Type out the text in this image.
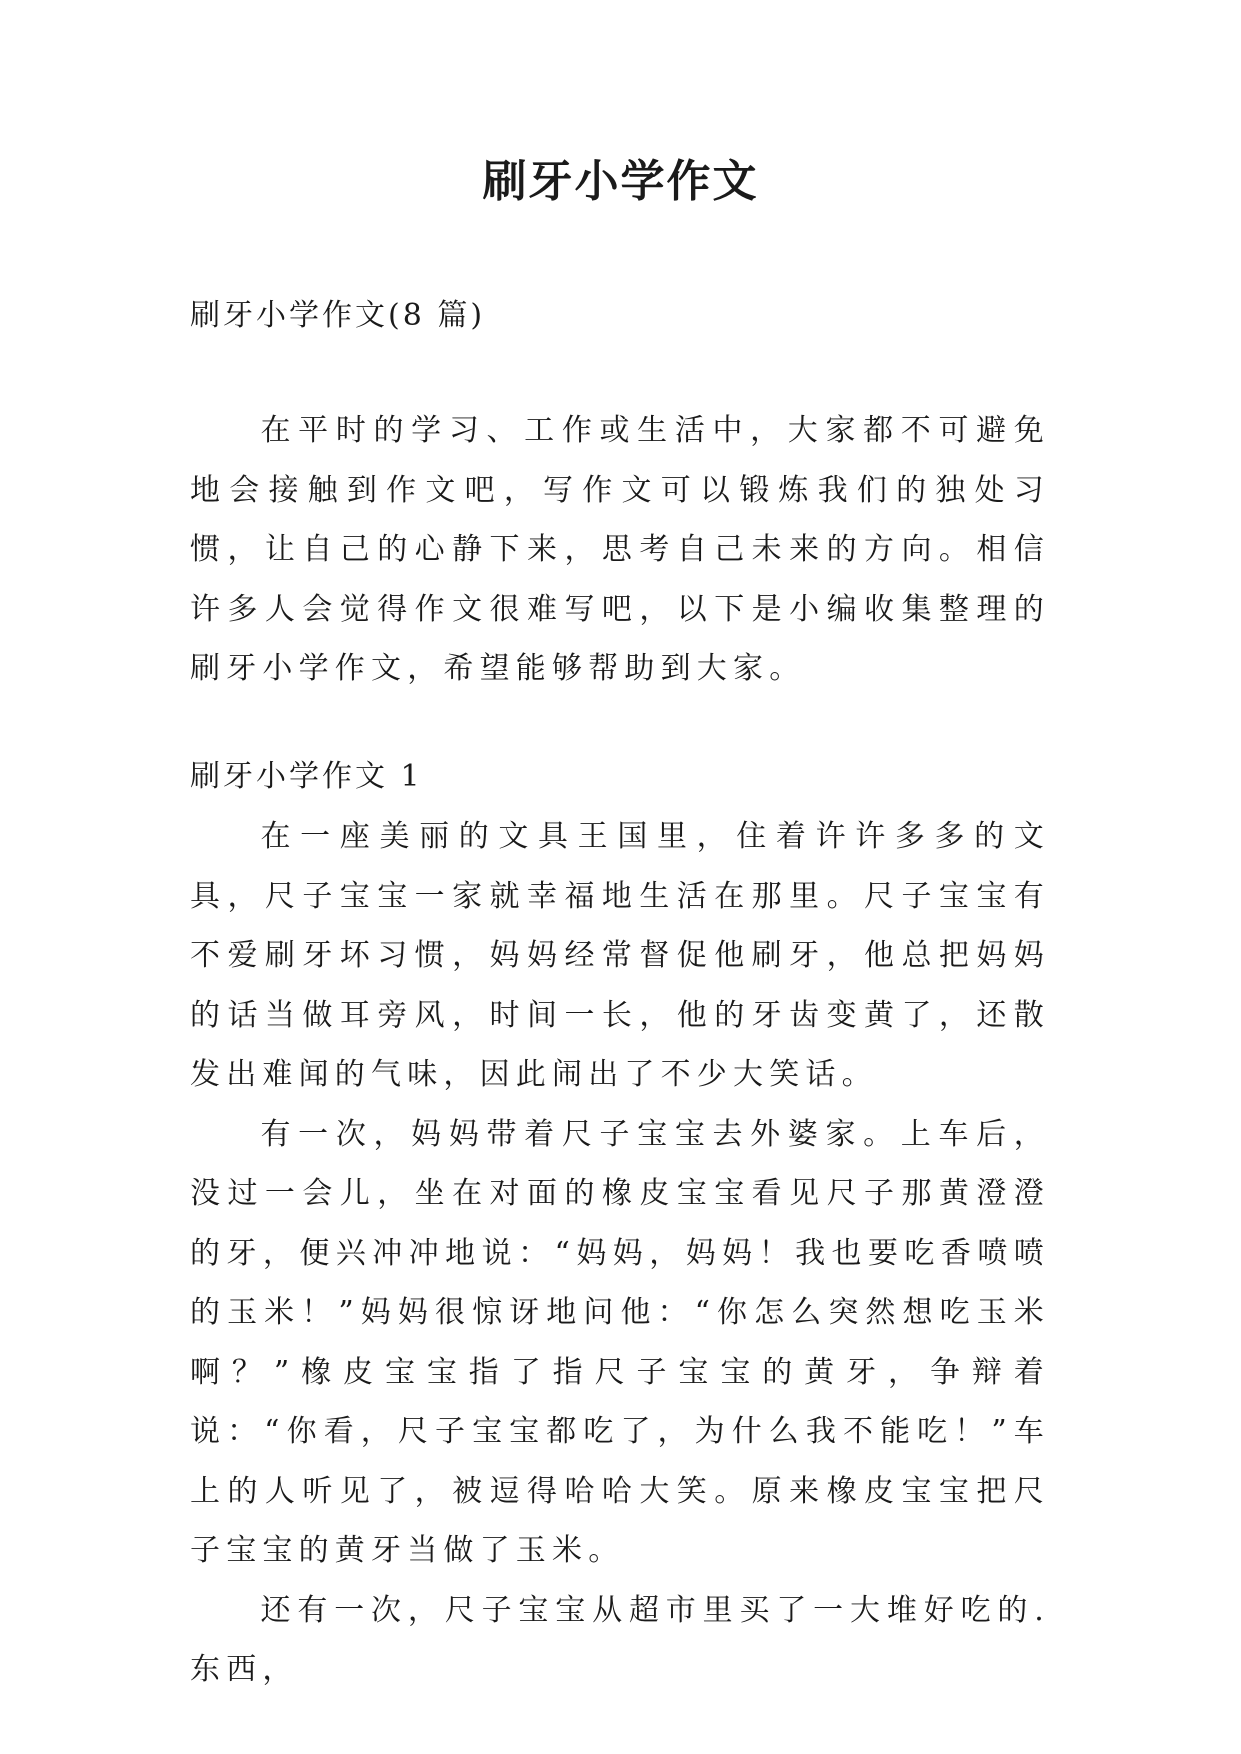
刷牙小学作文
刷牙小学作文(8 篇)

在平时的学习、工作或生活中，大家都不可避免地会接触到作文吧，写作文可以锻炼我们的独处习惯，让自己的心静下来，思考自己未来的方向。相信许多人会觉得作文很难写吧，以下是小编收集整理的刷牙小学作文，希望能够帮助到大家。

刷牙小学作文 1

在一座美丽的文具王国里，住着许许多多的文具，尺子宝宝一家就幸福地生活在那里。尺子宝宝有不爱刷牙坏习惯，妈妈经常督促他刷牙，他总把妈妈的话当做耳旁风，时间一长，他的牙齿变黄了，还散发出难闻的气味，因此闹出了不少大笑话。

有一次，妈妈带着尺子宝宝去外婆家。上车后，没过一会儿，坐在对面的橡皮宝宝看见尺子那黄澄澄的牙，便兴冲冲地说：“妈妈，妈妈！我也要吃香喷喷的玉米！”妈妈很惊讶地问他：“你怎么突然想吃玉米啊？”橡皮宝宝指了指尺子宝宝的黄牙，争辩着说：“你看，尺子宝宝都吃了，为什么我不能吃！”车上的人听见了，被逗得哈哈大笑。原来橡皮宝宝把尺子宝宝的黄牙当做了玉米。

还有一次，尺子宝宝从超市里买了一大堆好吃的.东西，
